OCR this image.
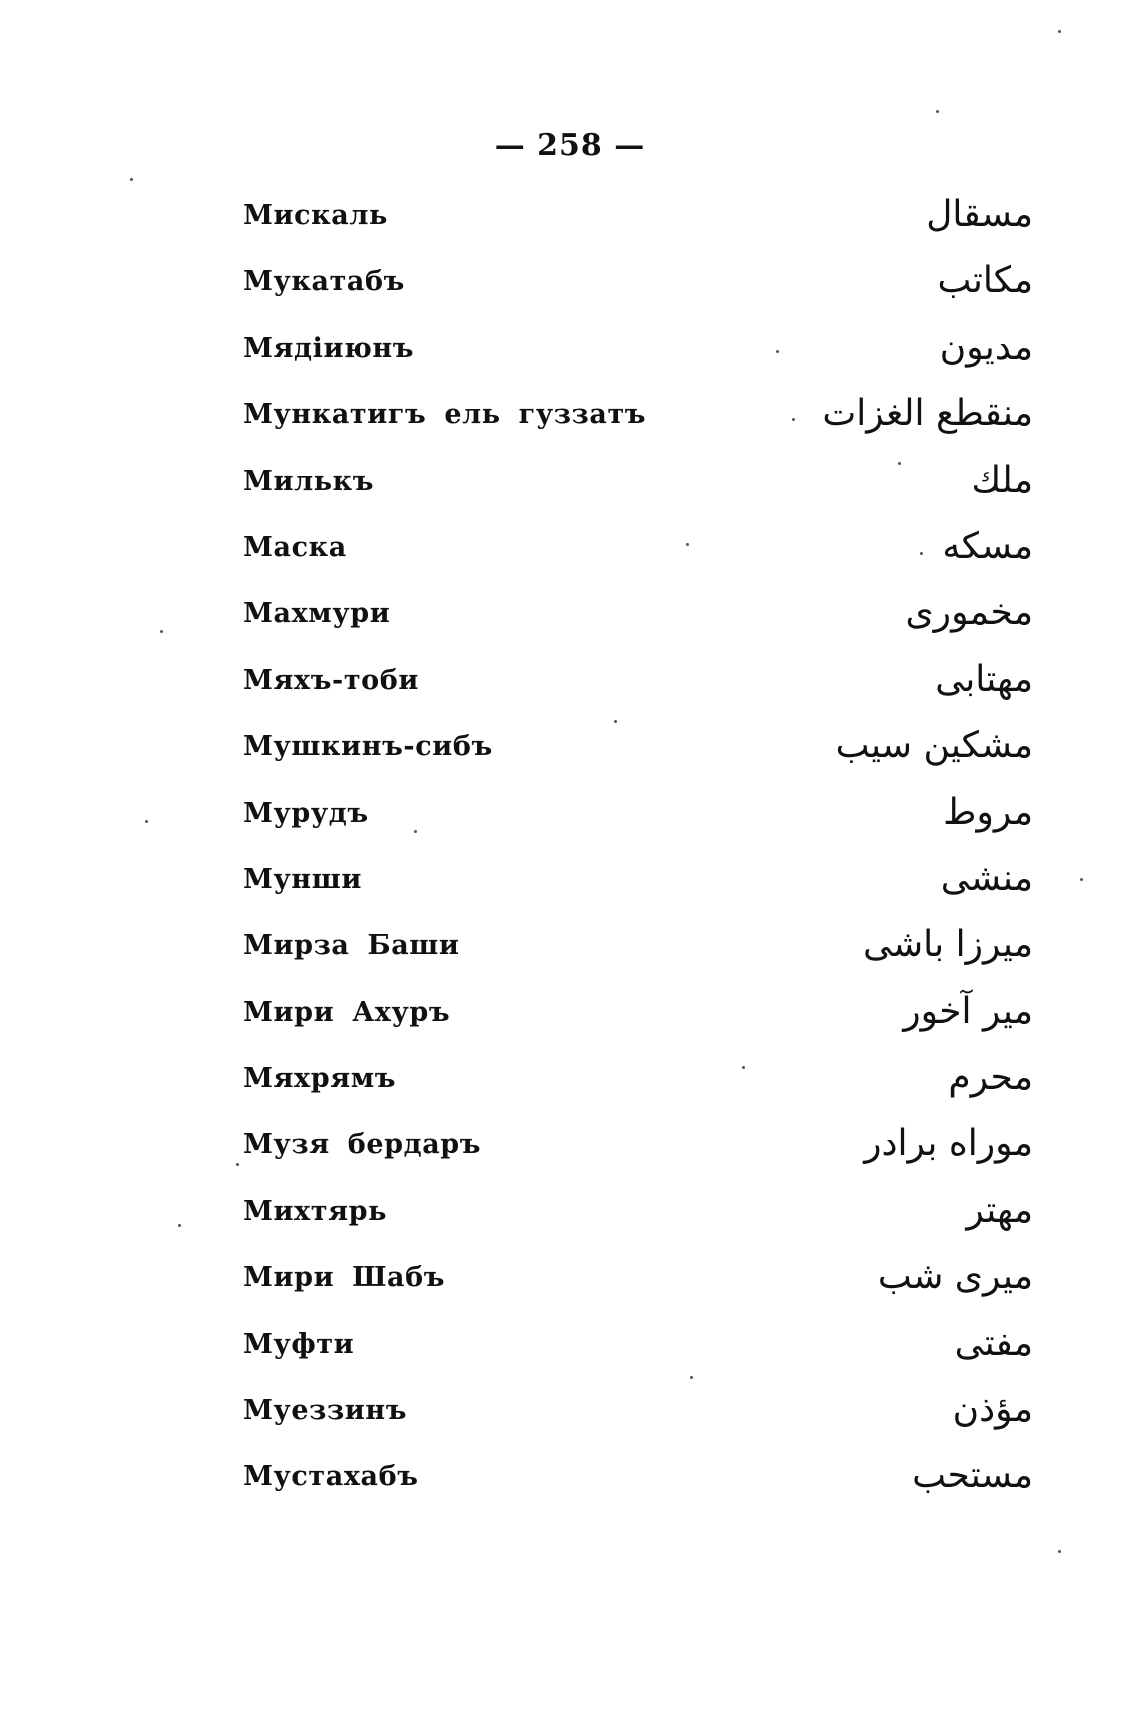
— 258 —
Мискаль	مسقال
Мукатабъ	مكاتب
Мядіиюнъ	مديون
Мункатигъ ель гуззатъ	منقطع الغزات
Милькъ	ملك
Маска	مسكه
Махмури	مخموری
Мяхъ-тоби	مهتابی
Мушкинъ-сибъ	مشکین سیب
Мурудъ	مروط
Мунши	منشی
Мирза Баши	میرزا باشی
Мири Ахуръ	میر آخور
Мяхрямъ	محرم
Музя бердаръ	موراه برادر
Михтярь	مهتر
Мири Шабъ	میری شب
Муфти	مفتی
Муеззинъ	مؤذن
Мустахабъ	مستحب
